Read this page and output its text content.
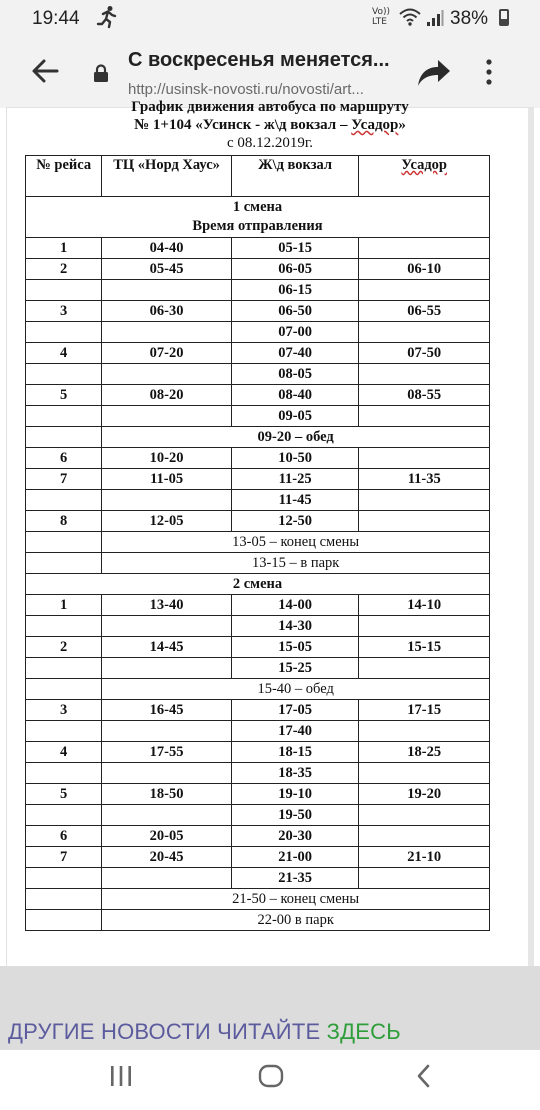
19:44	Vo))
LTE	38%
С воскресенья меняется...
http://usinsk-novosti.ru/novosti/art...
График движения автобуса по маршруту
№ 1+104 «Усинск - ж\д вокзал – Усадор»
с 08.12.2019г.
№ рейса	ТЦ «Норд Хаус»	Ж\д вокзал	Усадор

1 смена
Время отправления			

1	04-40	05-15	
2	05-45	06-05	06-10
		06-15	
3	06-30	06-50	06-55
		07-00	
4	07-20	07-40	07-50
		08-05	
5	08-20	08-40	08-55
		09-05	
	09-20 – обед		
6	10-20	10-50	
7	11-05	11-25	11-35
		11-45	
8	12-05	12-50	
	13-05 – конец смены		
	13-15 – в парк		
2 смена			
1	13-40	14-00	14-10
		14-30	
2	14-45	15-05	15-15
		15-25	
	15-40 – обед		
3	16-45	17-05	17-15
		17-40	
4	17-55	18-15	18-25
		18-35	
5	18-50	19-10	19-20
		19-50	
6	20-05	20-30	
7	20-45	21-00	21-10
		21-35	
	21-50 – конец смены		
	22-00 в парк		
ДРУГИЕ НОВОСТИ ЧИТАЙТЕ ЗДЕСЬ
